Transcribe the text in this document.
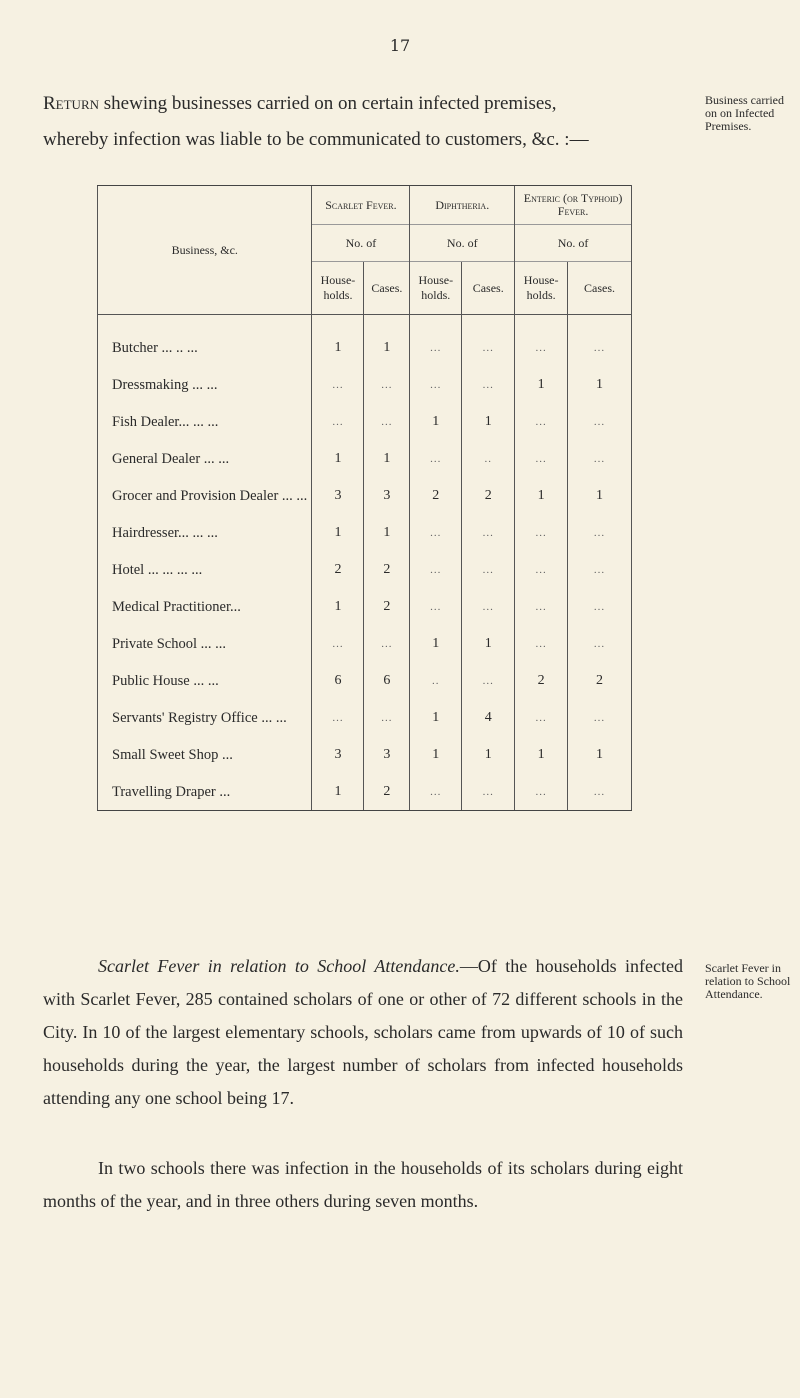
17
Return shewing businesses carried on on certain infected premises,
whereby infection was liable to be communicated to customers, &c. :—
Business carried on on Infected Premises.
Business, &c.	Scarlet Fever.		Diphtheria.		Enteric (or Typhoid) Fever.	
	No. of		No. of		No. of	
	House-holds.	Cases.	House-holds.	Cases.	House-holds.	Cases.
Butcher ... .. ...	1	1	...	...	...	...
Dressmaking ... ...	...	...	...	...	1	1
Fish Dealer... ... ...	...	...	1	1	...	...
General Dealer ... ...	1	1	...	..	...	...
Grocer and Provision Dealer ... ...	3	3	2	2	1	1
Hairdresser... ... ...	1	1	...	...	...	...
Hotel ... ... ... ...	2	2	...	...	...	...
Medical Practitioner...	1	2	...	...	...	...
Private School ... ...	...	...	1	1	...	...
Public House ... ...	6	6	..	...	2	2
Servants' Registry Office ... ...	...	...	1	4	...	...
Small Sweet Shop ...	3	3	1	1	1	1
Travelling Draper ...	1	2	...	...	...	...
Scarlet Fever in relation to School Attendance.

Scarlet Fever in relation to School Attendance.—Of the households infected with Scarlet Fever, 285 contained scholars of one or other of 72 different schools in the City. In 10 of the largest elementary schools, scholars came from upwards of 10 of such households during the year, the largest number of scholars from infected households attending any one school being 17.

In two schools there was infection in the households of its scholars during eight months of the year, and in three others during seven months.
